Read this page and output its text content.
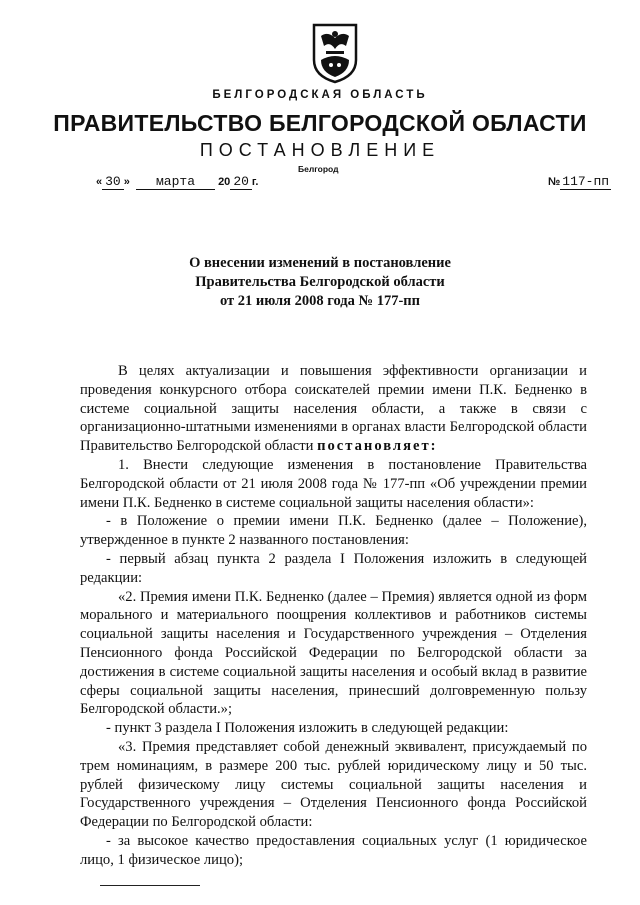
БЕЛГОРОДСКАЯ ОБЛАСТЬ
ПРАВИТЕЛЬСТВО БЕЛГОРОДСКОЙ ОБЛАСТИ
ПОСТАНОВЛЕНИЕ
Белгород
« 30 » марта 20 20 г.	№ 117-пп
О внесении изменений в постановление
Правительства Белгородской области
от 21 июля 2008 года № 177-пп

В целях актуализации и повышения эффективности организации и проведения конкурсного отбора соискателей премии имени П.К. Бедненко в системе социальной защиты населения области, а также в связи с организационно-штатными изменениями в органах власти Белгородской области Правительство Белгородской области постановляет:

1. Внести следующие изменения в постановление Правительства Белгородской области от 21 июля 2008 года № 177-пп «Об учреждении премии имени П.К. Бедненко в системе социальной защиты населения области»:

- в Положение о премии имени П.К. Бедненко (далее – Положение), утвержденное в пункте 2 названного постановления:

- первый абзац пункта 2 раздела I Положения изложить в следующей редакции:

«2. Премия имени П.К. Бедненко (далее – Премия) является одной из форм морального и материального поощрения коллективов и работников системы социальной защиты населения и Государственного учреждения – Отделения Пенсионного фонда Российской Федерации по Белгородской области за достижения в системе социальной защиты населения и особый вклад в развитие сферы социальной защиты населения, принесший долговременную пользу Белгородской области.»;

- пункт 3 раздела I Положения изложить в следующей редакции:

«3. Премия представляет собой денежный эквивалент, присуждаемый по трем номинациям, в размере 200 тыс. рублей юридическому лицу и 50 тыс. рублей физическому лицу системы социальной защиты населения и Государственного учреждения – Отделения Пенсионного фонда Российской Федерации по Белгородской области:

- за высокое качество предоставления социальных услуг (1 юридическое лицо, 1 физическое лицо);
